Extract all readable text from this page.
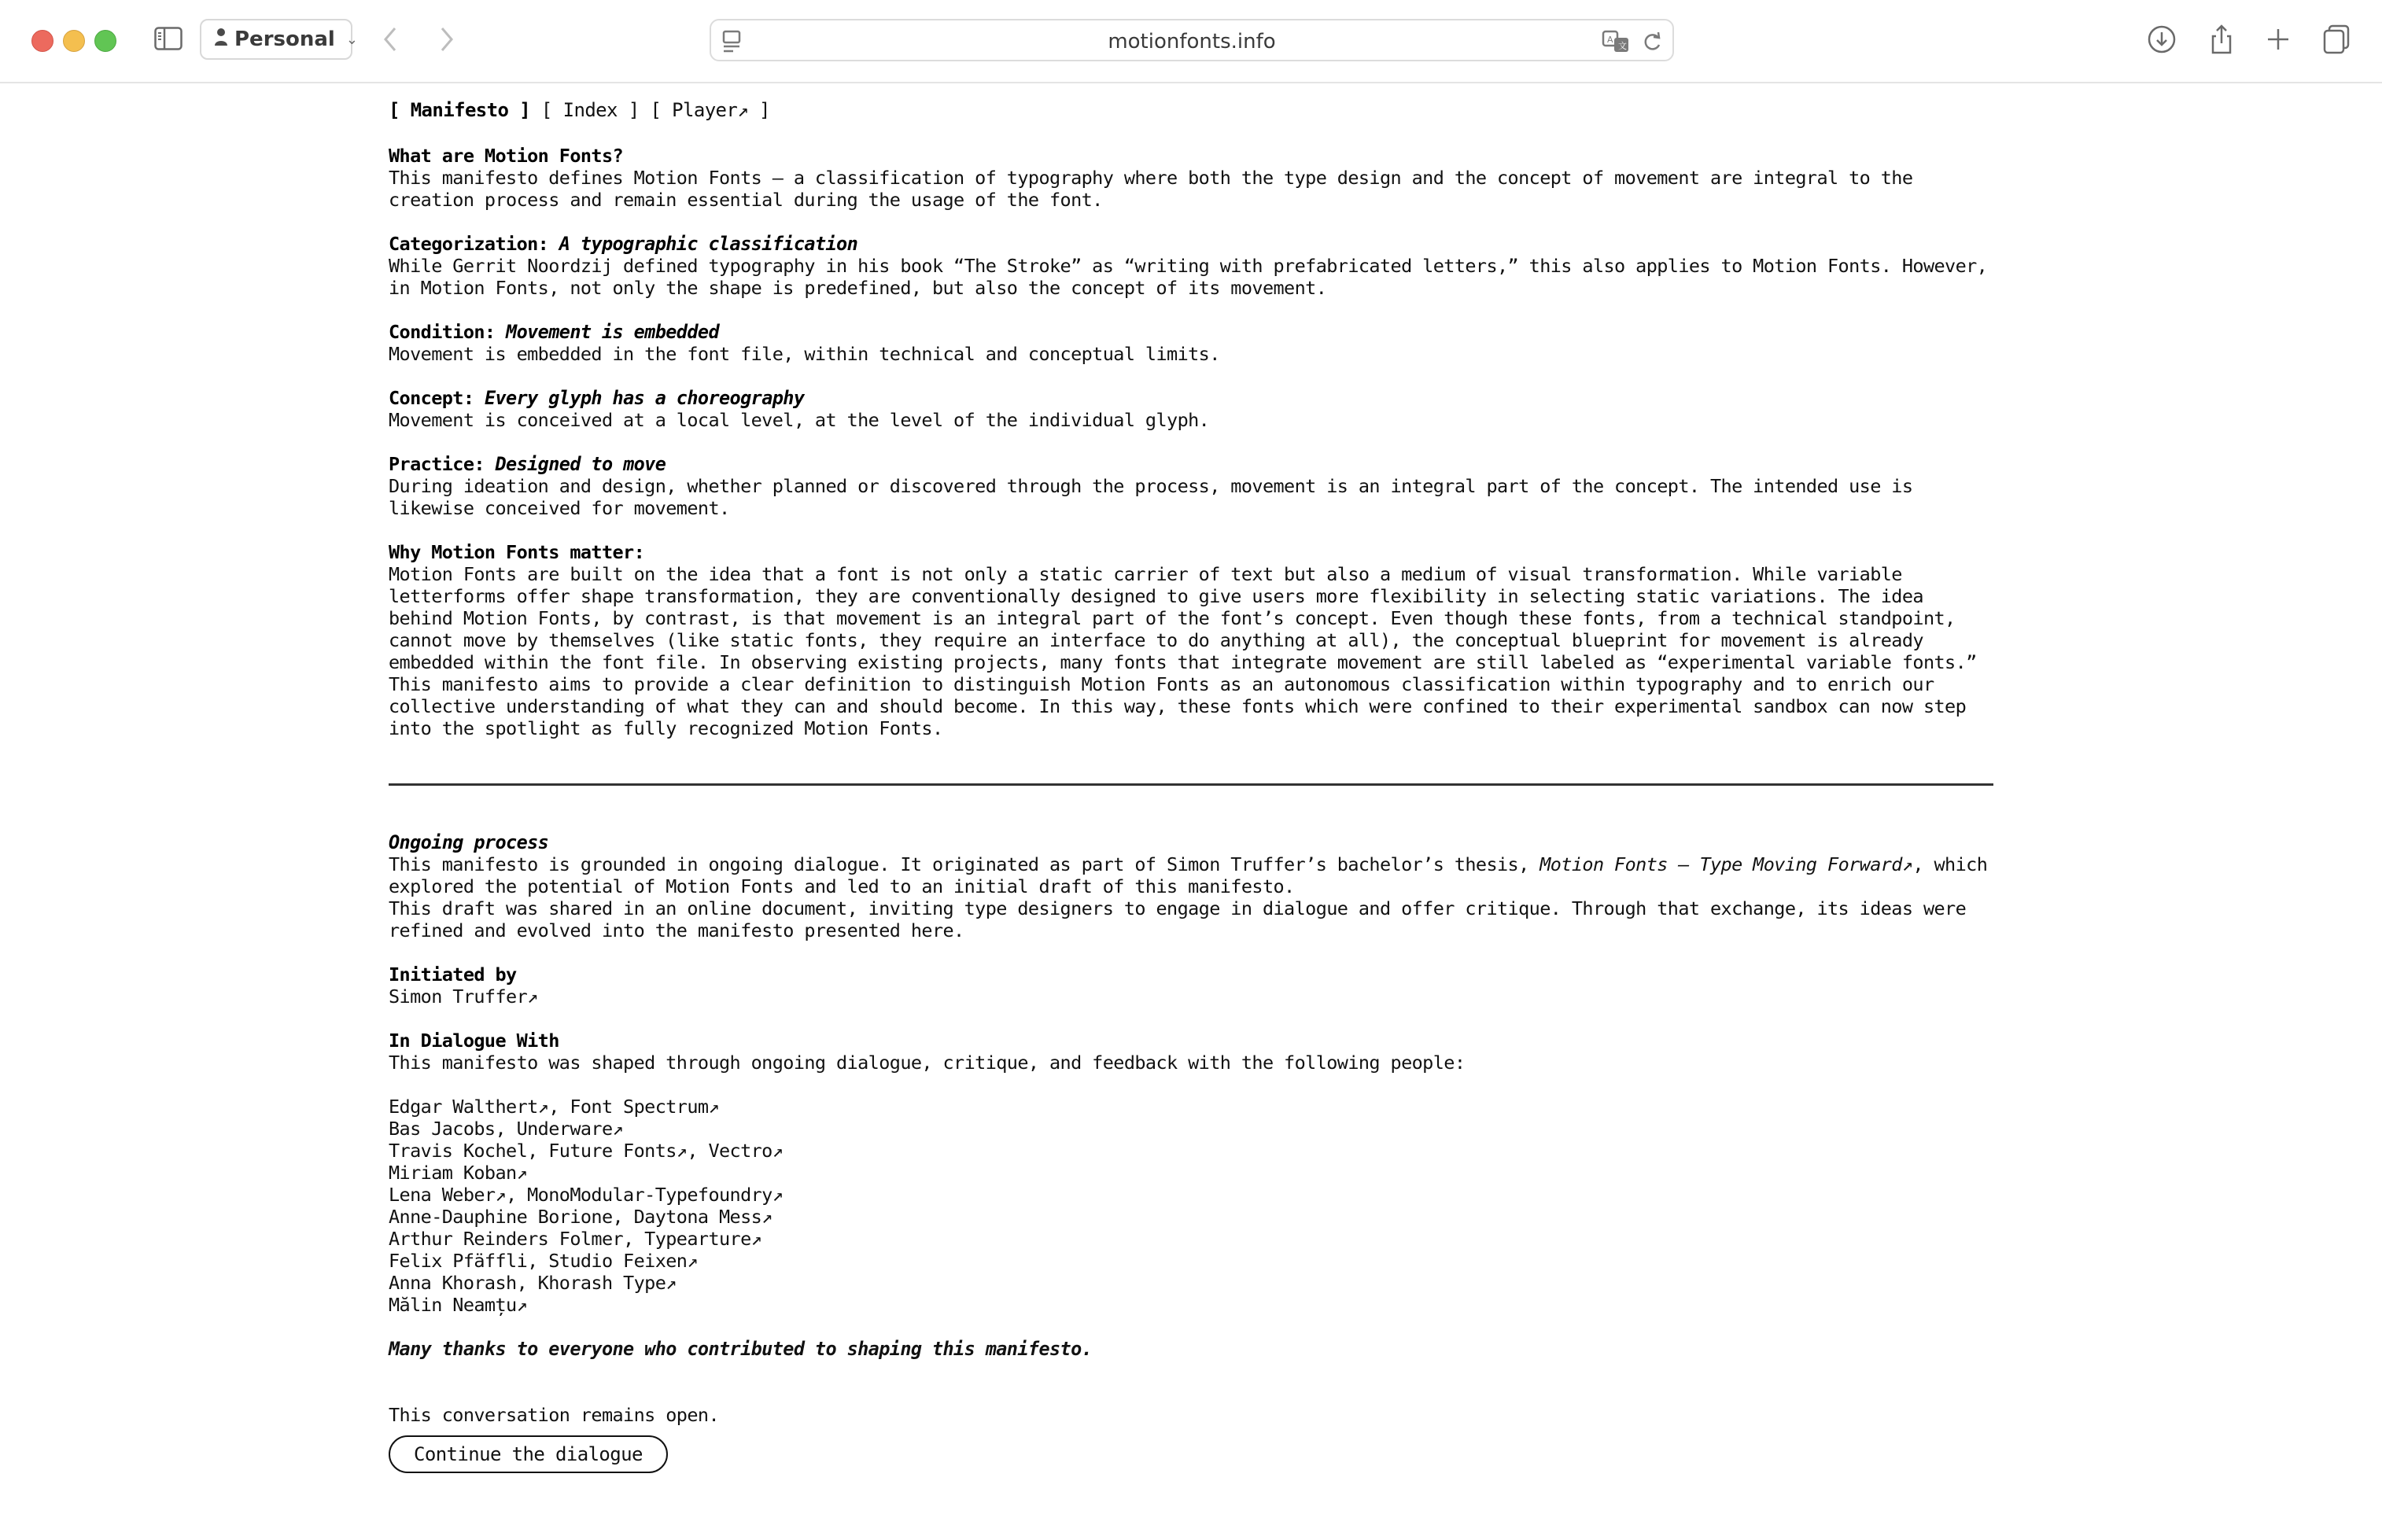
Personal ⌄	motionfonts.info	A
文
[ Manifesto ] [ Index ] [ Player↗ ]
What are Motion Fonts?

This manifesto defines Motion Fonts – a classification of typography where both the type design and the concept of movement are integral to the creation process and remain essential during the usage of the font.

Categorization: A typographic classification

While Gerrit Noordzij defined typography in his book “The Stroke” as “writing with prefabricated letters,” this also applies to Motion Fonts. However, in Motion Fonts, not only the shape is predefined, but also the concept of its movement.

Condition: Movement is embedded

Movement is embedded in the font file, within technical and conceptual limits.

Concept: Every glyph has a choreography

Movement is conceived at a local level, at the level of the individual glyph.

Practice: Designed to move

During ideation and design, whether planned or discovered through the process, movement is an integral part of the concept. The intended use is likewise conceived for movement.

Why Motion Fonts matter:

Motion Fonts are built on the idea that a font is not only a static carrier of text but also a medium of visual transformation. While variable letterforms offer shape transformation, they are conventionally designed to give users more flexibility in selecting static variations. The idea behind Motion Fonts, by contrast, is that movement is an integral part of the font’s concept. Even though these fonts, from a technical standpoint, cannot move by themselves (like static fonts, they require an interface to do anything at all), the conceptual blueprint for movement is already embedded within the font file. In observing existing projects, many fonts that integrate movement are still labeled as “experimental variable fonts.” This manifesto aims to provide a clear definition to distinguish Motion Fonts as an autonomous classification within typography and to enrich our collective understanding of what they can and should become. In this way, these fonts which were confined to their experimental sandbox can now step into the spotlight as fully recognized Motion Fonts.

Ongoing process

This manifesto is grounded in ongoing dialogue. It originated as part of Simon Truffer’s bachelor’s thesis, Motion Fonts – Type Moving Forward↗, which explored the potential of Motion Fonts and led to an initial draft of this manifesto.

This draft was shared in an online document, inviting type designers to engage in dialogue and offer critique. Through that exchange, its ideas were refined and evolved into the manifesto presented here.

Initiated by

Simon Truffer↗

In Dialogue With

This manifesto was shaped through ongoing dialogue, critique, and feedback with the following people:

Edgar Walthert↗, Font Spectrum↗
Bas Jacobs, Underware↗
Travis Kochel, Future Fonts↗, Vectro↗
Miriam Koban↗
Lena Weber↗, MonoModular-Typefoundry↗
Anne-Dauphine Borione, Daytona Mess↗
Arthur Reinders Folmer, Typearture↗
Felix Pfäffli, Studio Feixen↗
Anna Khorash, Khorash Type↗
Mălin Neamțu↗
Many thanks to everyone who contributed to shaping this manifesto.

This conversation remains open.

Continue the dialogue
